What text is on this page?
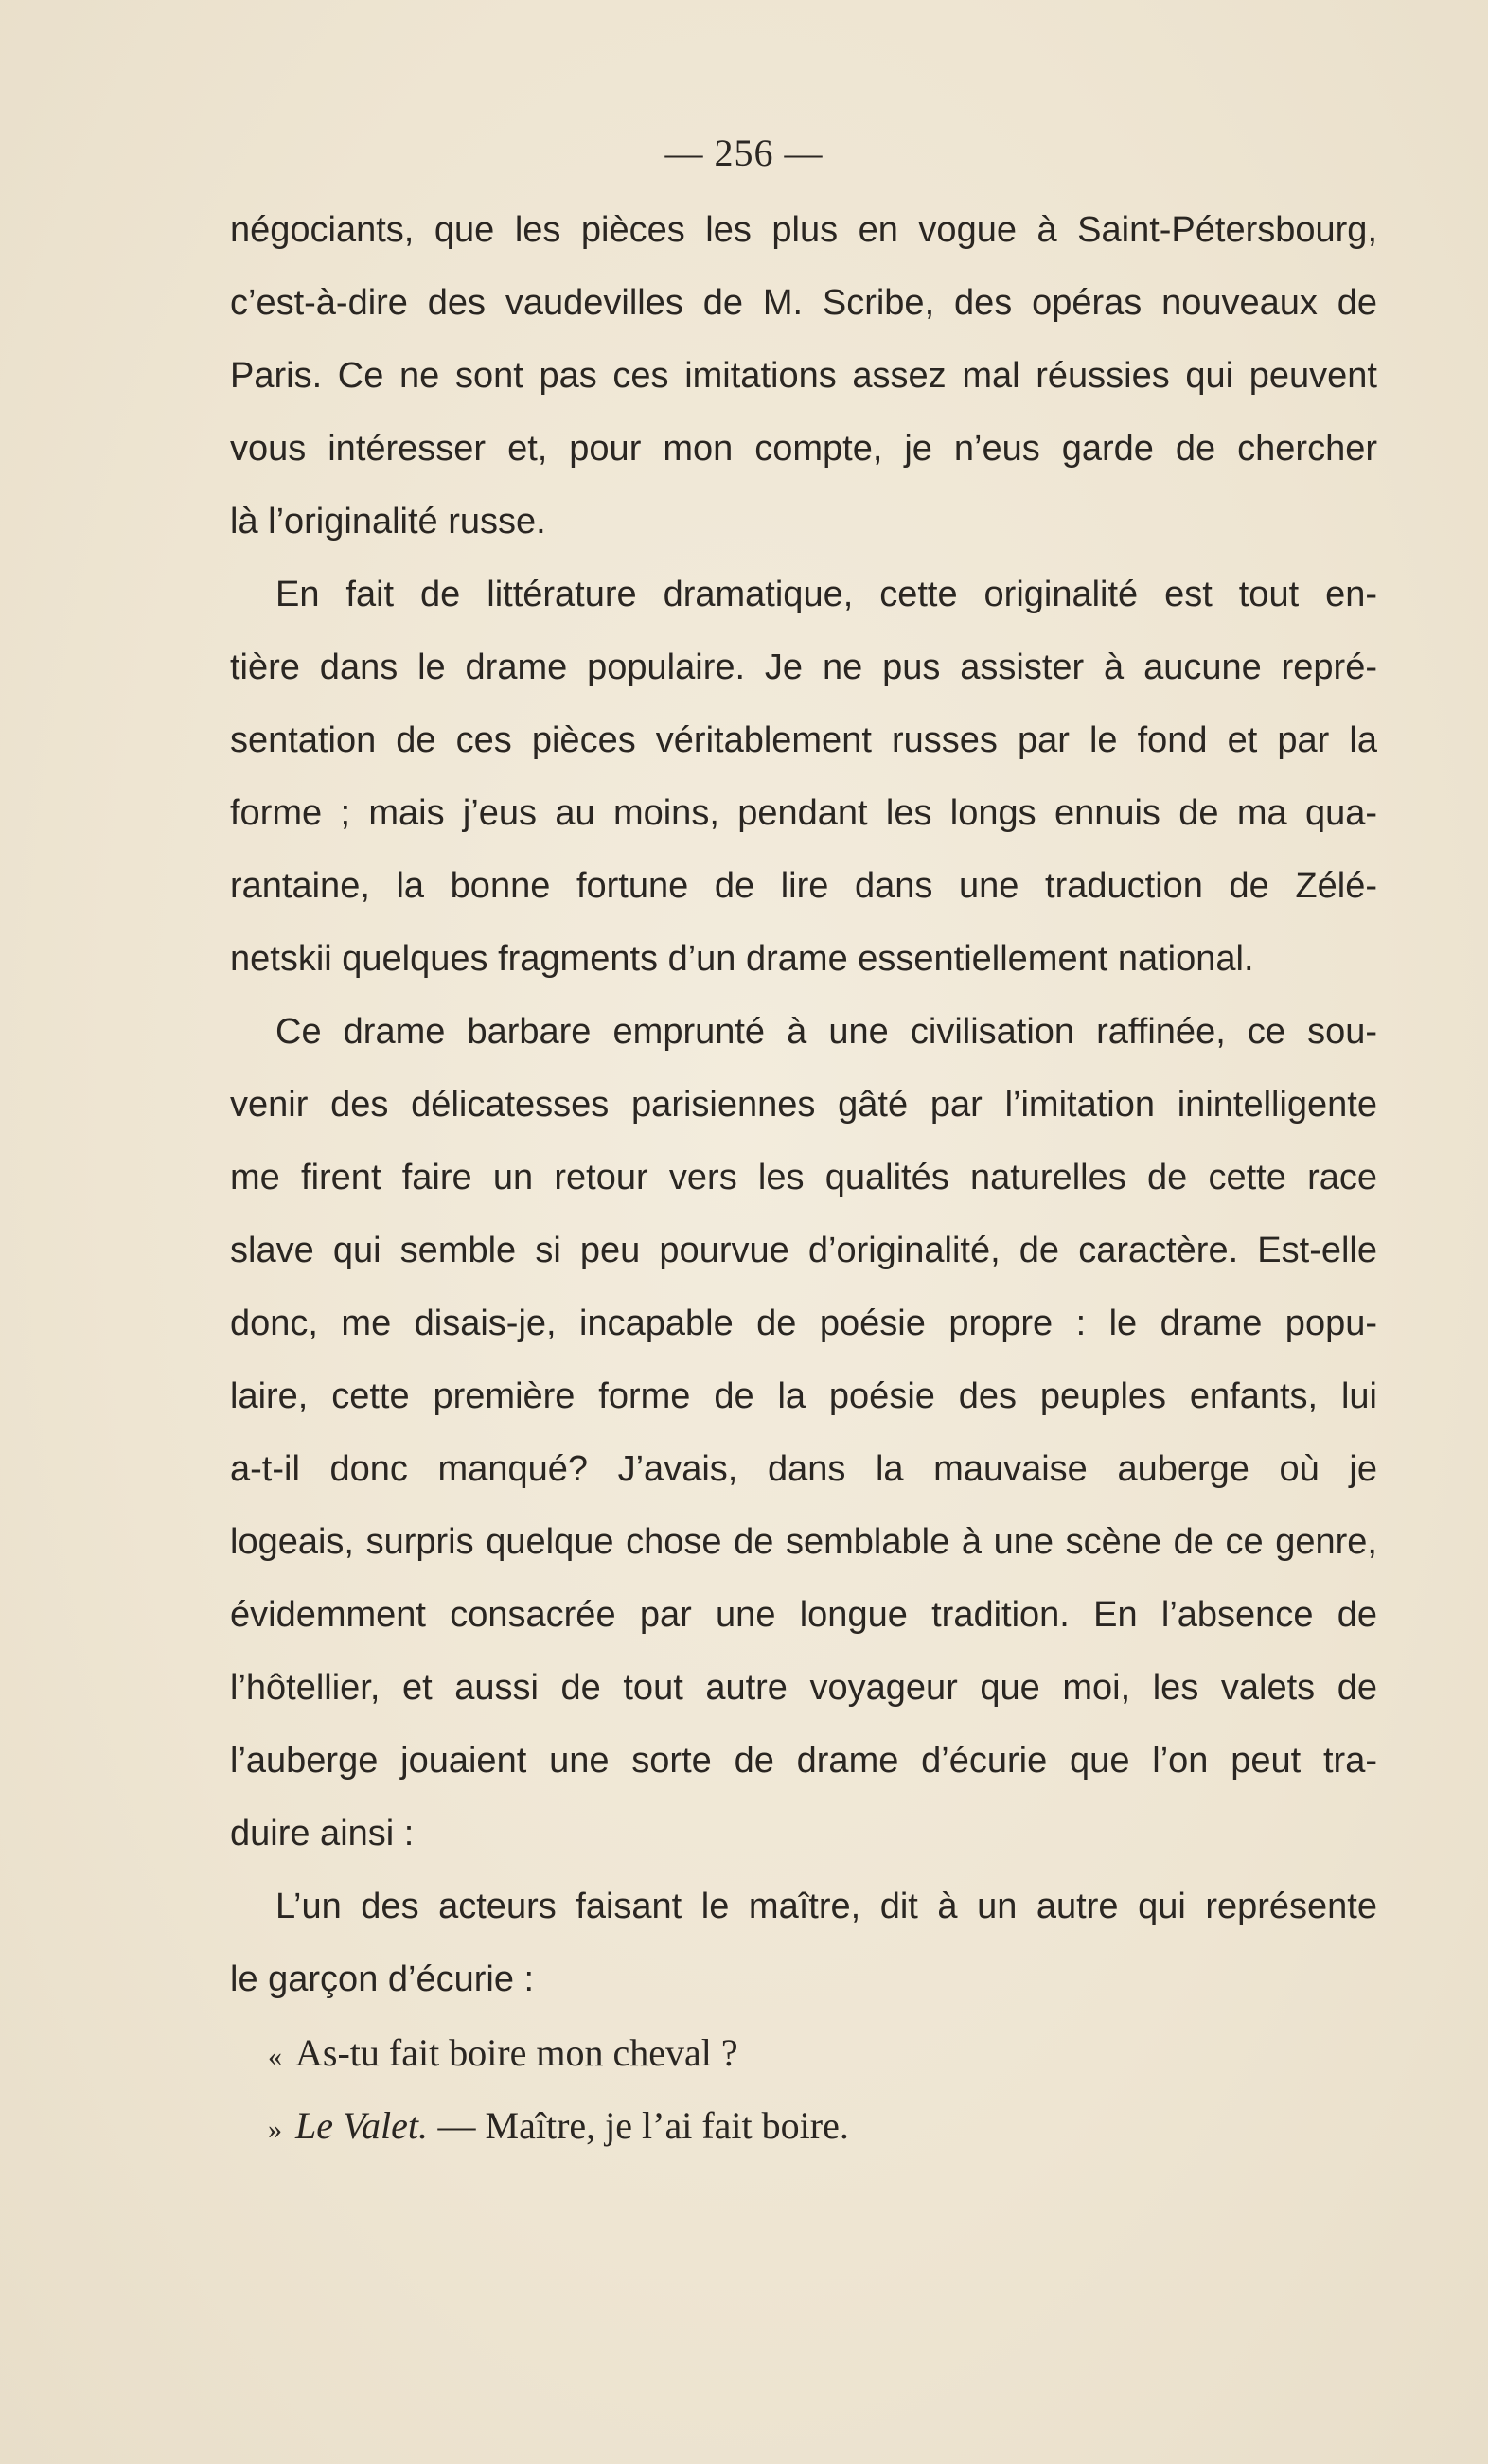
— 256 —
négociants, que les pièces les plus en vogue à Saint-Pétersbourg,
c’est-à-dire des vaudevilles de M. Scribe, des opéras nouveaux de
Paris. Ce ne sont pas ces imitations assez mal réussies qui peuvent
vous intéresser et, pour mon compte, je n’eus garde de chercher
là l’originalité russe.
En fait de littérature dramatique, cette originalité est tout en-
tière dans le drame populaire. Je ne pus assister à aucune repré-
sentation de ces pièces véritablement russes par le fond et par la
forme ; mais j’eus au moins, pendant les longs ennuis de ma qua-
rantaine, la bonne fortune de lire dans une traduction de Zélé-
netskii quelques fragments d’un drame essentiellement national.
Ce drame barbare emprunté à une civilisation raffinée, ce sou-
venir des délicatesses parisiennes gâté par l’imitation inintelligente
me firent faire un retour vers les qualités naturelles de cette race
slave qui semble si peu pourvue d’originalité, de caractère. Est-elle
donc, me disais-je, incapable de poésie propre : le drame popu-
laire, cette première forme de la poésie des peuples enfants, lui
a-t-il donc manqué? J’avais, dans la mauvaise auberge où je
logeais, surpris quelque chose de semblable à une scène de ce genre,
évidemment consacrée par une longue tradition. En l’absence de
l’hôtellier, et aussi de tout autre voyageur que moi, les valets de
l’auberge jouaient une sorte de drame d’écurie que l’on peut tra-
duire ainsi :
L’un des acteurs faisant le maître, dit à un autre qui représente
le garçon d’écurie :
« As-tu fait boire mon cheval ?
» Le Valet. — Maître, je l’ai fait boire.
